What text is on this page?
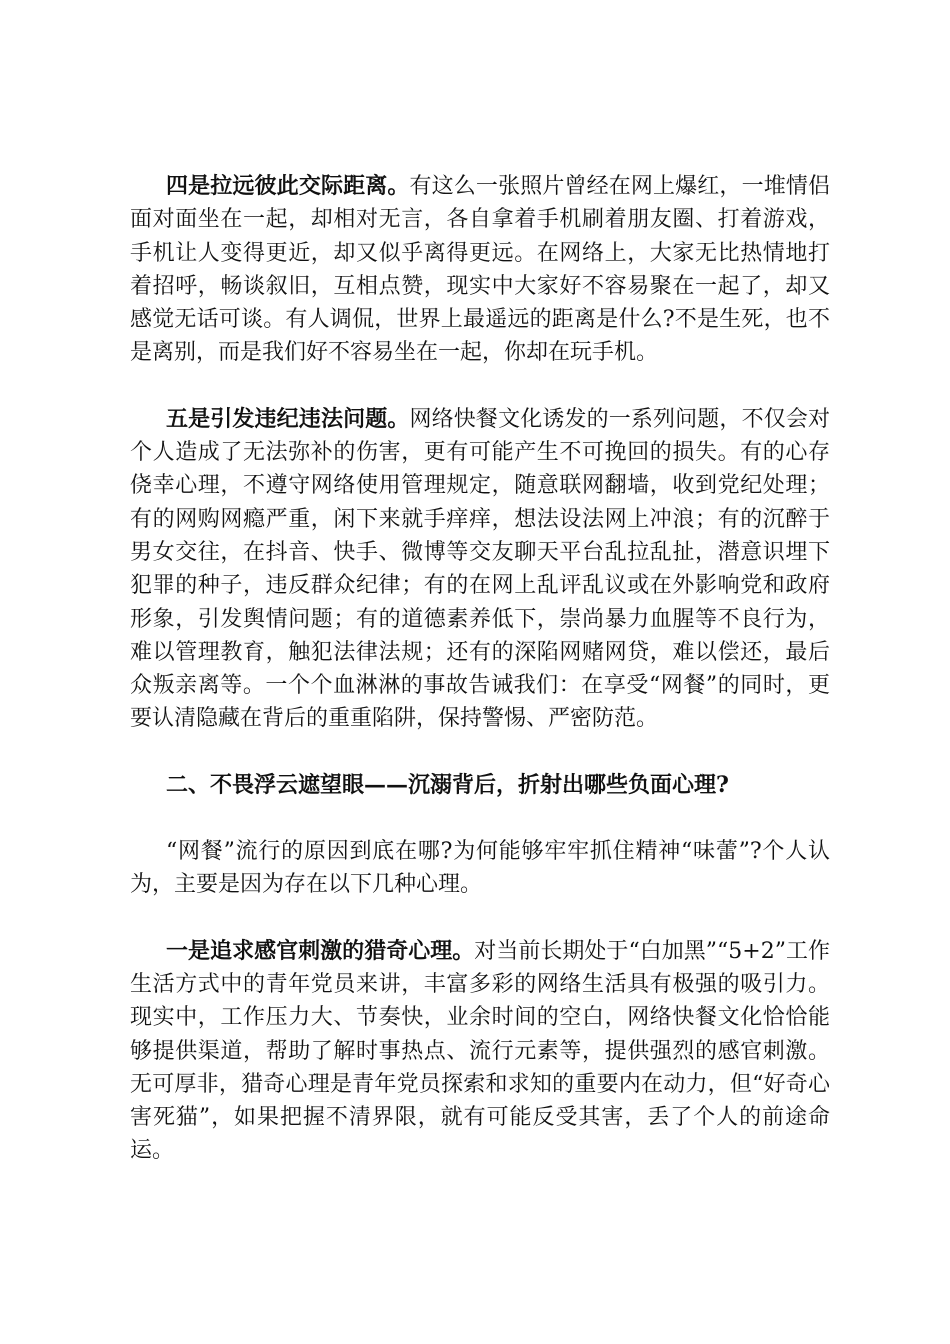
四是拉远彼此交际距离。有这么一张照片曾经在网上爆红，一堆情侣面对面坐在一起，却相对无言，各自拿着手机刷着朋友圈、打着游戏，手机让人变得更近，却又似乎离得更远。在网络上，大家无比热情地打着招呼，畅谈叙旧，互相点赞，现实中大家好不容易聚在一起了，却又感觉无话可谈。有人调侃，世界上最遥远的距离是什么?不是生死，也不是离别，而是我们好不容易坐在一起，你却在玩手机。

五是引发违纪违法问题。网络快餐文化诱发的一系列问题，不仅会对个人造成了无法弥补的伤害，更有可能产生不可挽回的损失。有的心存侥幸心理，不遵守网络使用管理规定，随意联网翻墙，收到党纪处理；有的网购网瘾严重，闲下来就手痒痒，想法设法网上冲浪；有的沉醉于男女交往，在抖音、快手、微博等交友聊天平台乱拉乱扯，潜意识埋下犯罪的种子，违反群众纪律；有的在网上乱评乱议或在外影响党和政府形象，引发舆情问题；有的道德素养低下，崇尚暴力血腥等不良行为，难以管理教育，触犯法律法规；还有的深陷网赌网贷，难以偿还，最后众叛亲离等。一个个血淋淋的事故告诫我们：在享受“网餐”的同时，更要认清隐藏在背后的重重陷阱，保持警惕、严密防范。

二、不畏浮云遮望眼——沉溺背后，折射出哪些负面心理?

“网餐”流行的原因到底在哪?为何能够牢牢抓住精神“味蕾”?个人认为，主要是因为存在以下几种心理。

一是追求感官刺激的猎奇心理。对当前长期处于“白加黑”“5+2”工作生活方式中的青年党员来讲，丰富多彩的网络生活具有极强的吸引力。现实中，工作压力大、节奏快，业余时间的空白，网络快餐文化恰恰能够提供渠道，帮助了解时事热点、流行元素等，提供强烈的感官刺激。无可厚非，猎奇心理是青年党员探索和求知的重要内在动力，但“好奇心害死猫”，如果把握不清界限，就有可能反受其害，丢了个人的前途命运。
